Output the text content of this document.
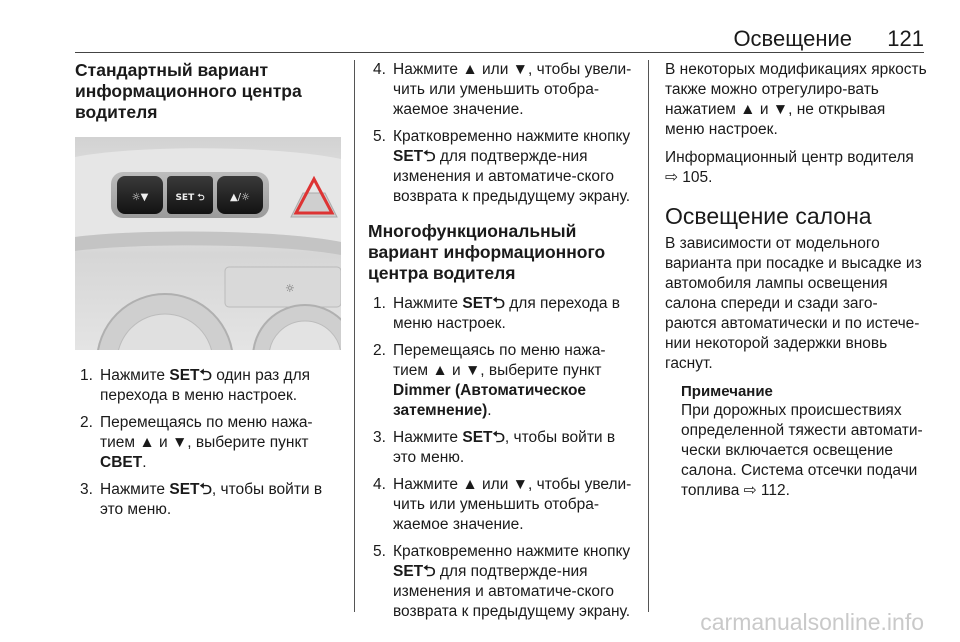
Освещение 121
Стандартный вариант информационного центра водителя
☼▼	SET ⮌	▲/☼
☼
1. Нажмите SET⮌ один раз для перехода в меню настроек.
2. Перемещаясь по меню нажа-тием ▲ и ▼, выберите пункт СВЕТ.
3. Нажмите SET⮌, чтобы войти в это меню.
4. Нажмите ▲ или ▼, чтобы увели-чить или уменьшить отобра-жаемое значение.
5. Кратковременно нажмите кнопку SET⮌ для подтвержде-ния изменения и автоматиче-ского возврата к предыдущему экрану.
Многофункциональный вариант информационного центра водителя
1. Нажмите SET⮌ для перехода в меню настроек.
2. Перемещаясь по меню нажа-тием ▲ и ▼, выберите пункт Dimmer (Автоматическое затемнение).
3. Нажмите SET⮌, чтобы войти в это меню.
4. Нажмите ▲ или ▼, чтобы увели-чить или уменьшить отобра-жаемое значение.
5. Кратковременно нажмите кнопку SET⮌ для подтвержде-ния изменения и автоматиче-ского возврата к предыдущему экрану.

В некоторых модификациях яркость также можно отрегулиро-вать нажатием ▲ и ▼, не открывая меню настроек.

Информационный центр водителя ⇨ 105.

Освещение салона

В зависимости от модельного варианта при посадке и высадке из автомобиля лампы освещения салона спереди и сзади заго-раются автоматически и по истече-нии некоторой задержки вновь гаснут.

Примечание

При дорожных происшествиях определенной тяжести автомати-чески включается освещение салона. Система отсечки подачи топлива ⇨ 112.

carmanualsonline.info
